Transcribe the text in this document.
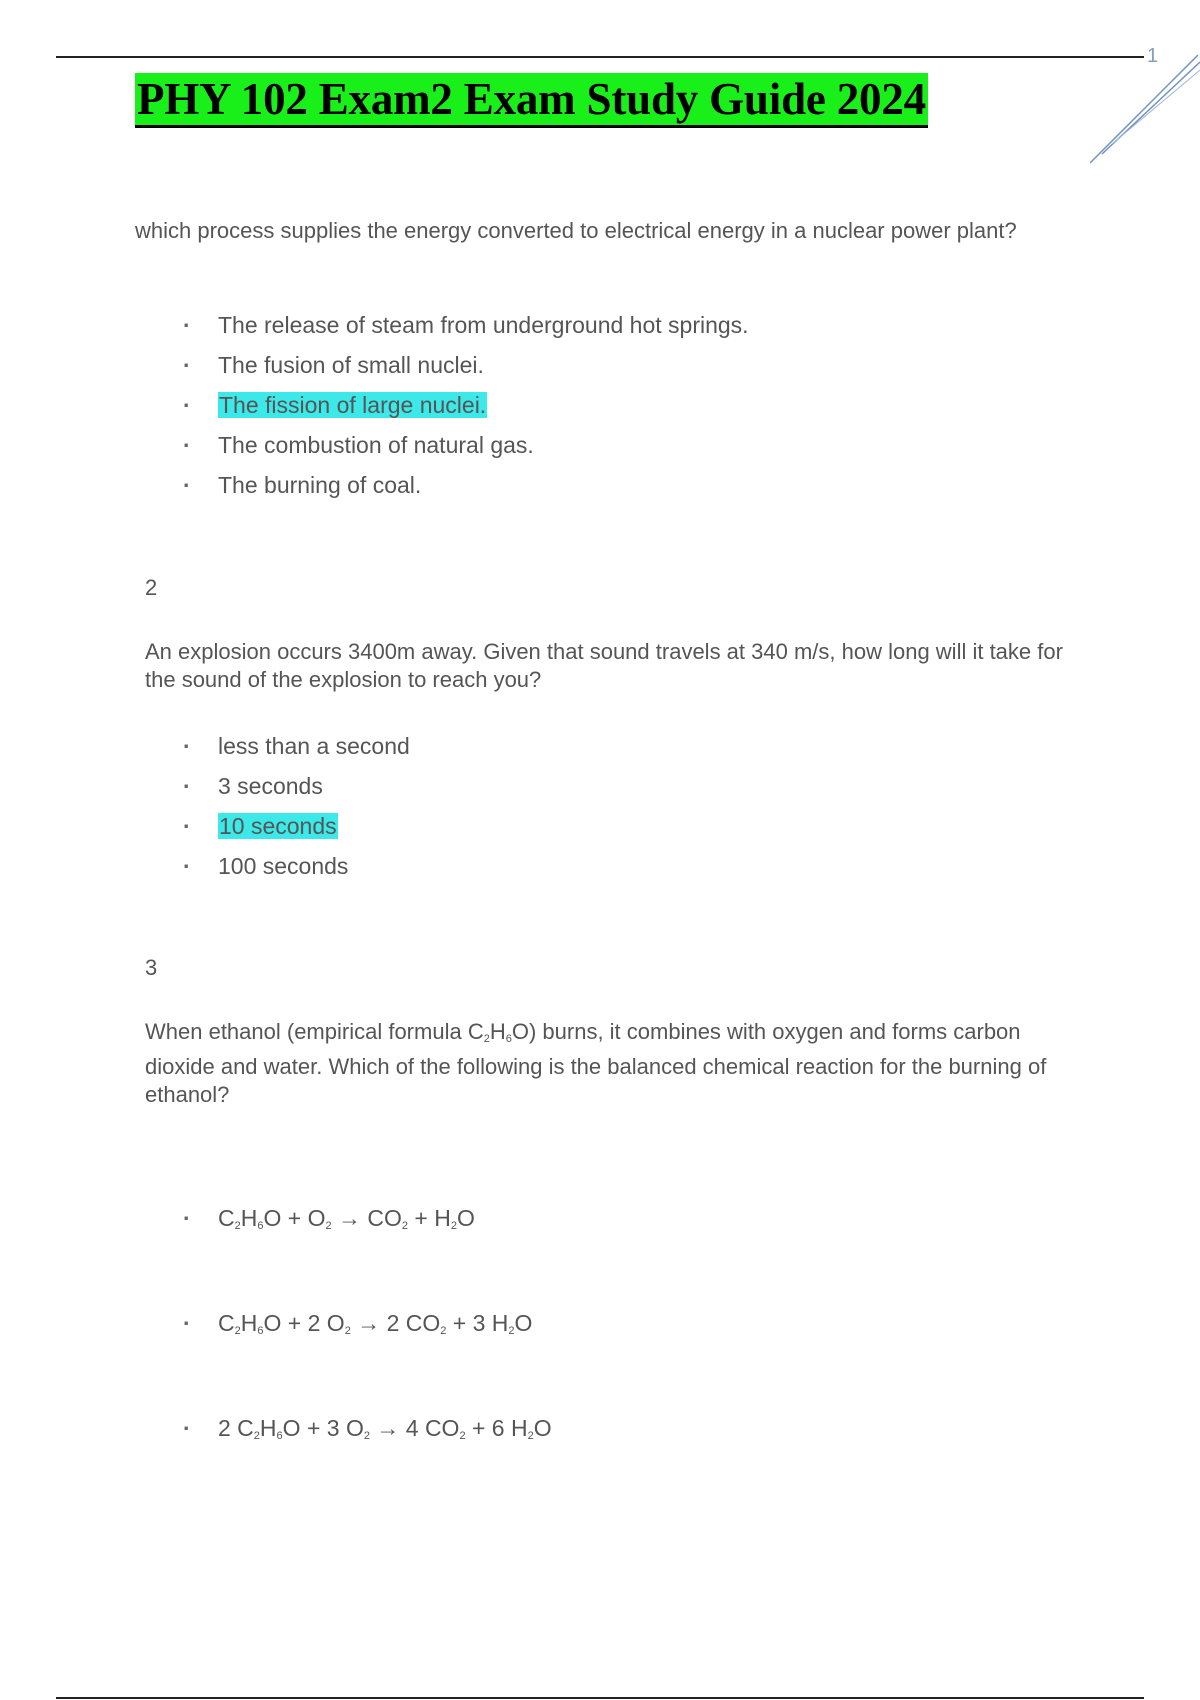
1
PHY 102 Exam2 Exam Study Guide 2024

which process supplies the energy converted to electrical energy in a nuclear power plant?

· The release of steam from underground hot springs.
· The fusion of small nuclei.
· The fission of large nuclei.
· The combustion of natural gas.
· The burning of coal.
2

An explosion occurs 3400m away. Given that sound travels at 340 m/s, how long will it take for the sound of the explosion to reach you?

· less than a second
· 3 seconds
· 10 seconds
· 100 seconds
3

When ethanol (empirical formula $C_2H_6O$) burns, it combines with oxygen and forms carbon dioxide and water. Which of the following is the balanced chemical reaction for the burning of ethanol?

· $C_2H_6O + O_2 \to CO_2 + H_2O$
· $C_2H_6O + 2$ $O_2 \to 2$ $CO_2 + 3$ $H_2O$
· 2 $C_2H_6O + 3$ $O_2 \to 4$ $CO_2 + 6$ $H_2O$
